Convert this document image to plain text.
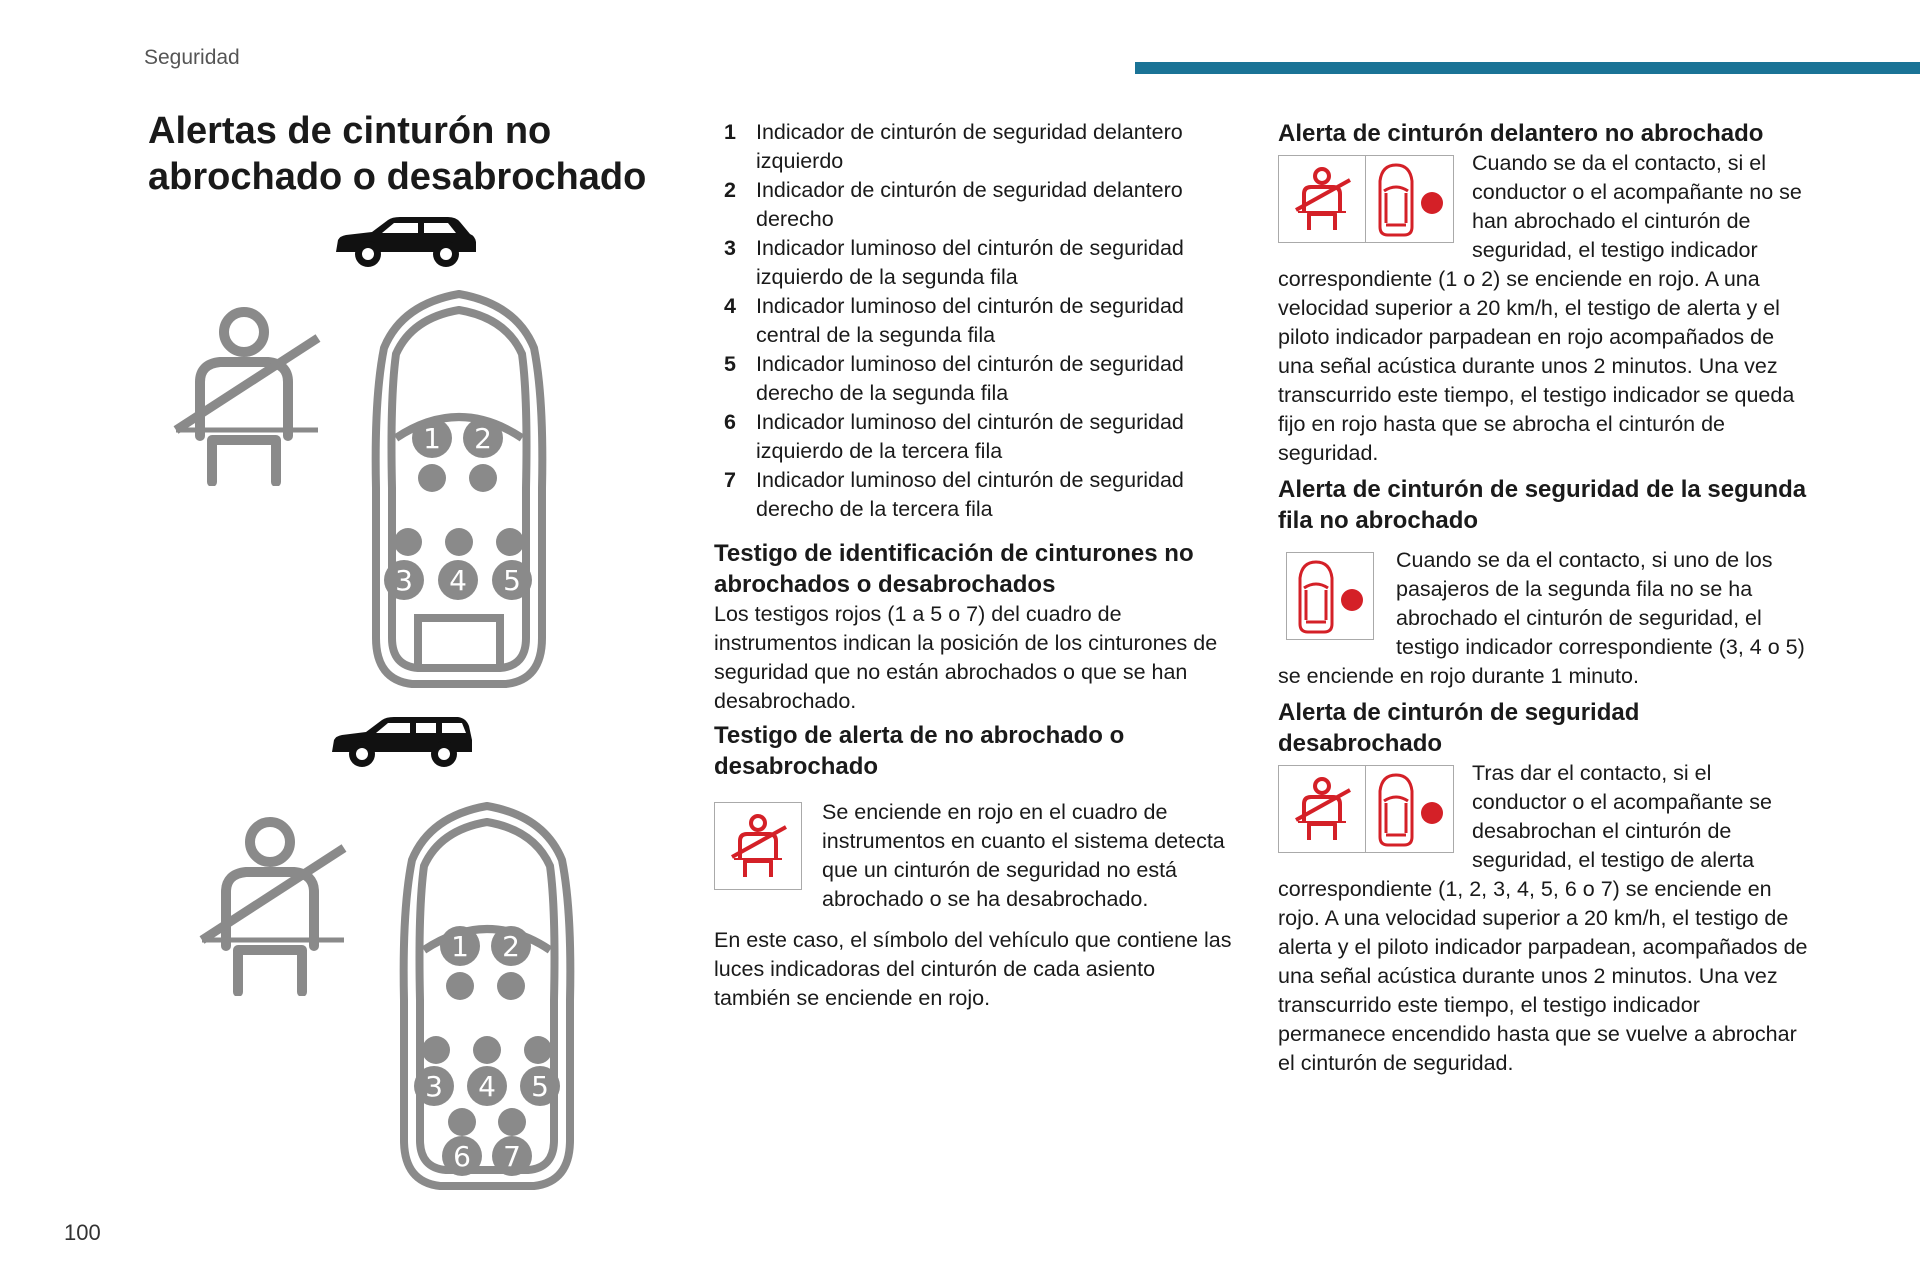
Seguridad
100
Alertas de cinturón no abrochado o desabrochado
1 2
3 4 5
1 2
3 4 5
6 7
1 Indicador de cinturón de seguridad delantero izquierdo
2 Indicador de cinturón de seguridad delantero derecho
3 Indicador luminoso del cinturón de seguridad izquierdo de la segunda fila
4 Indicador luminoso del cinturón de seguridad central de la segunda fila
5 Indicador luminoso del cinturón de seguridad derecho de la segunda fila
6 Indicador luminoso del cinturón de seguridad izquierdo de la tercera fila
7 Indicador luminoso del cinturón de seguridad derecho de la tercera fila
Testigo de identificación de cinturones no abrochados o desabrochados

Los testigos rojos (1 a 5 o 7) del cuadro de instrumentos indican la posición de los cinturones de seguridad que no están abrochados o que se han desabrochado.

Testigo de alerta de no abrochado o desabrochado

Se enciende en rojo en el cuadro de instrumentos en cuanto el sistema detecta que un cinturón de seguridad no está abrochado o se ha desabrochado.

En este caso, el símbolo del vehículo que contiene las luces indicadoras del cinturón de cada asiento también se enciende en rojo.

Alerta de cinturón delantero no abrochado

Cuando se da el contacto, si el conductor o el acompañante no se han abrochado el cinturón de seguridad, el testigo indicador correspondiente (1 o 2) se enciende en rojo. A una velocidad superior a 20 km/h, el testigo de alerta y el piloto indicador parpadean en rojo acompañados de una señal acústica durante unos 2 minutos. Una vez transcurrido este tiempo, el testigo indicador se queda fijo en rojo hasta que se abrocha el cinturón de seguridad.

Alerta de cinturón de seguridad de la segunda fila no abrochado

Cuando se da el contacto, si uno de los pasajeros de la segunda fila no se ha abrochado el cinturón de seguridad, el testigo indicador correspondiente (3, 4 o 5) se enciende en rojo durante 1 minuto.

Alerta de cinturón de seguridad desabrochado

Tras dar el contacto, si el conductor o el acompañante se desabrochan el cinturón de seguridad, el testigo de alerta correspondiente (1, 2, 3, 4, 5, 6 o 7) se enciende en rojo. A una velocidad superior a 20 km/h, el testigo de alerta y el piloto indicador parpadean, acompañados de una señal acústica durante unos 2 minutos. Una vez transcurrido este tiempo, el testigo indicador permanece encendido hasta que se vuelve a abrochar el cinturón de seguridad.
